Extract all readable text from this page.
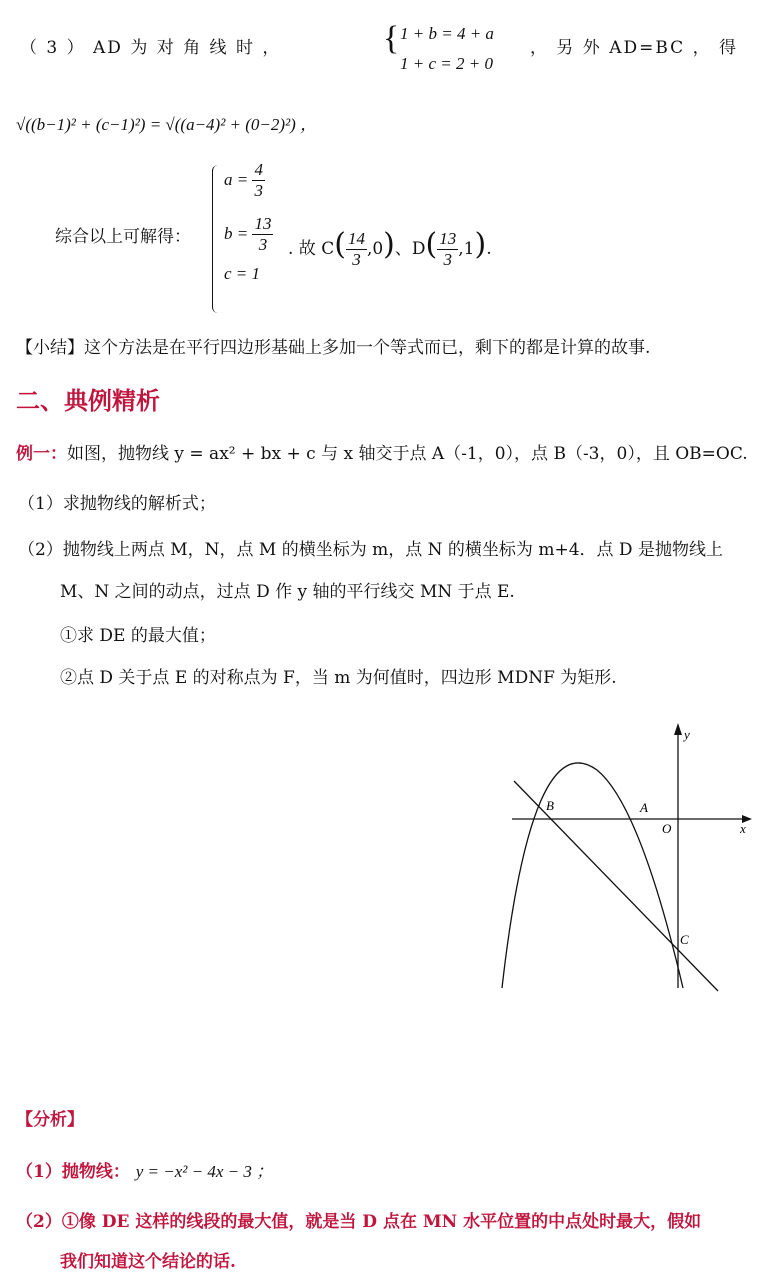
（ 3 ） AD 为 对 角 线 时 ，	{ 1 + b = 4 + a
1 + c = 2 + 0
， 另 外 AD=BC ， 得
√((b−1)² + (c−1)²) = √((a−4)² + (0−2)²) ，
综合以上可解得：
$a = \frac{4}{3}$
$b = \frac{13}{3}$
c = 1
. 故 $C( \frac{14}{3} ,0)$、$D( \frac{13}{3} ,1)$.
【小结】这个方法是在平行四边形基础上多加一个等式而已，剩下的都是计算的故事.
二、典例精析
例一：如图，抛物线 y = ax² + bx + c 与 x 轴交于点 A（-1，0），点 B（-3，0），且 OB=OC.
（1）求抛物线的解析式；
（2）抛物线上两点 M，N，点 M 的横坐标为 m，点 N 的横坐标为 m+4．点 D 是抛物线上
M、N 之间的动点，过点 D 作 y 轴的平行线交 MN 于点 E.
①求 DE 的最大值；
②点 D 关于点 E 的对称点为 F，当 m 为何值时，四边形 MDNF 为矩形.
y
x
O
A
B
C
【分析】
（1）抛物线： y = −x² − 4x − 3 ；
（2）①像 DE 这样的线段的最大值，就是当 D 点在 MN 水平位置的中点处时最大，假如
我们知道这个结论的话.
